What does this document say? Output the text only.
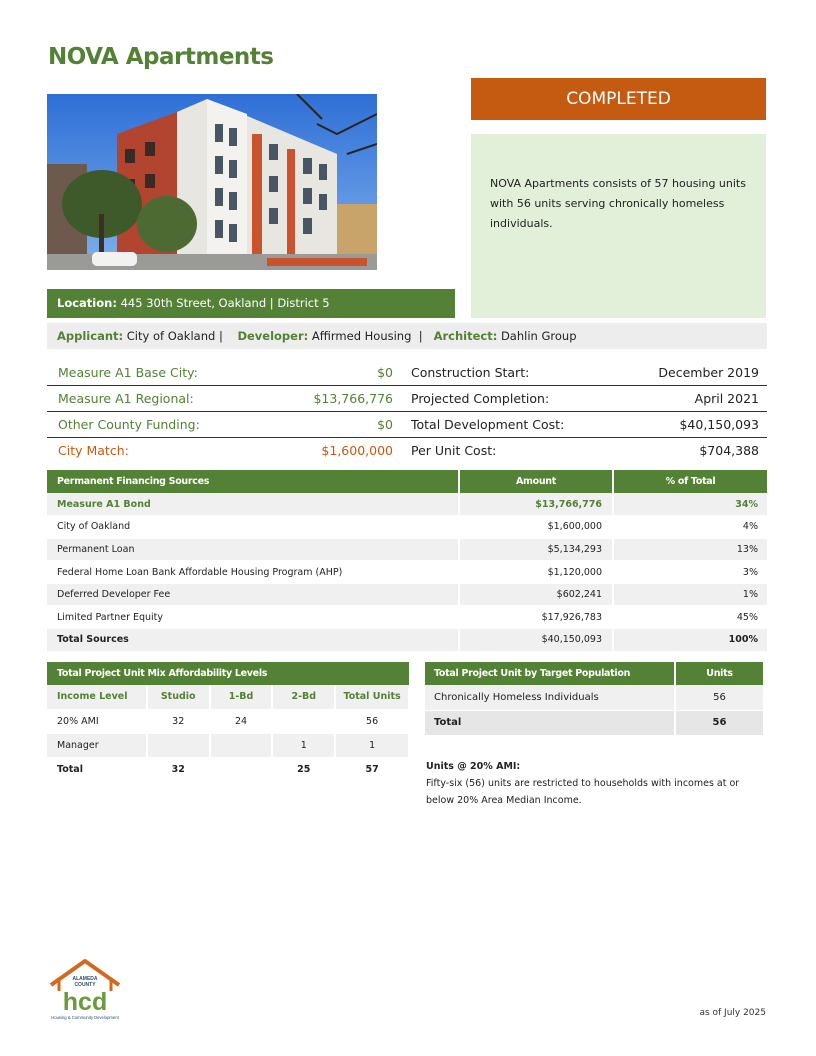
NOVA Apartments
COMPLETED
NOVA Apartments consists of 57 housing units with 56 units serving chronically homeless individuals.
Location: 445 30th Street, Oakland | District 5
Applicant: City of Oakland |    Developer: Affirmed Housing  |   Architect: Dahlin Group
Measure A1 Base City:	$0 Construction Start:	December 2019
Measure A1 Regional:	$13,766,776 Projected Completion:	April 2021
Other County Funding:	$0 Total Development Cost:	$40,150,093
City Match:	$1,600,000 Per Unit Cost:	$704,388
Permanent Financing Sources	Amount	% of Total
Measure A1 Bond	$13,766,776	34%
City of Oakland	$1,600,000	4%
Permanent Loan	$5,134,293	13%
Federal Home Loan Bank Affordable Housing Program (AHP)	$1,120,000	3%
Deferred Developer Fee	$602,241	1%
Limited Partner Equity	$17,926,783	45%
Total Sources	$40,150,093	100%
Total Project Unit Mix Affordability Levels				
Income Level	Studio	1-Bd	2-Bd	Total Units
20% AMI	32	24		56
Manager			1	1
Total	32		25	57
Total Project Unit by Target Population	Units
Chronically Homeless Individuals	56
Total	56
Units @ 20% AMI:
Fifty-six (56) units are restricted to households with incomes at or below 20% Area Median Income.
ALAMEDA
COUNTY
hcd
Housing & Community Development	as of July 2025
